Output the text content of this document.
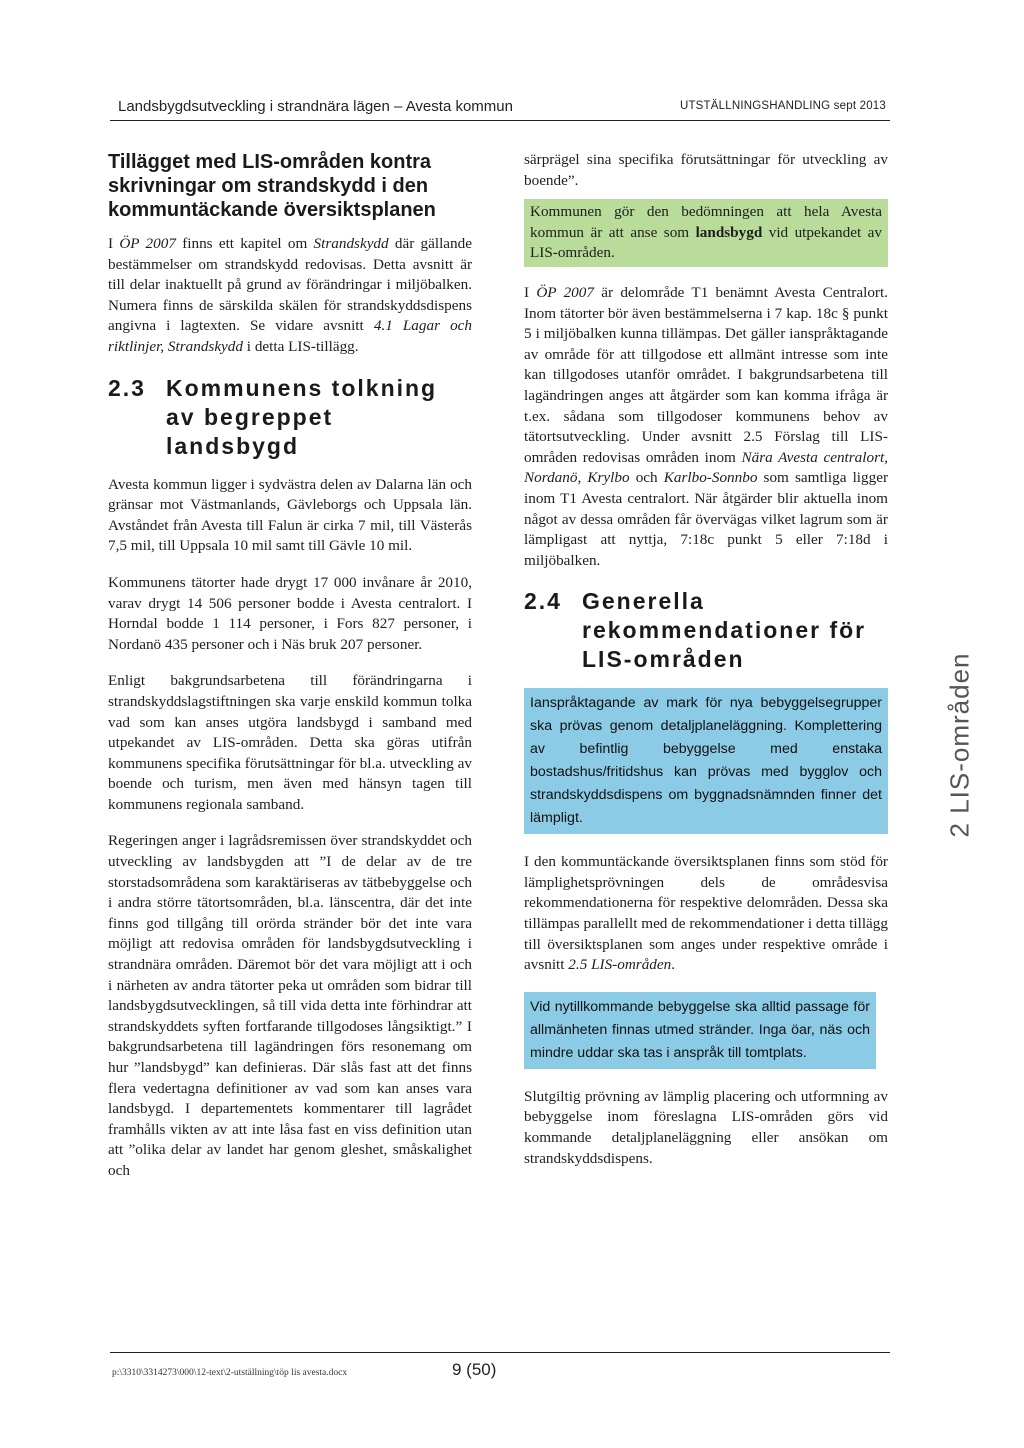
Landsbygdsutveckling i strandnära lägen – Avesta kommun	UTSTÄLLNINGSHANDLING sept 2013
Tillägget med LIS-områden kontra skrivningar om strandskydd i den kommuntäckande översiktsplanen

I ÖP 2007 finns ett kapitel om Strandskydd där gällande bestämmelser om strandskydd redovisas. Detta avsnitt är till delar inaktuellt på grund av förändringar i miljöbalken. Numera finns de särskilda skälen för strandskyddsdispens angivna i lagtexten. Se vidare avsnitt 4.1 Lagar och riktlinjer, Strandskydd i detta LIS-tillägg.

2.3 Kommunens tolkning av begreppet landsbygd

Avesta kommun ligger i sydvästra delen av Dalarna län och gränsar mot Västmanlands, Gävleborgs och Uppsala län. Avståndet från Avesta till Falun är cirka 7 mil, till Västerås 7,5 mil, till Uppsala 10 mil samt till Gävle 10 mil.

Kommunens tätorter hade drygt 17 000 invånare år 2010, varav drygt 14 506 personer bodde i Avesta centralort. I Horndal bodde 1 114 personer, i Fors 827 personer, i Nordanö 435 personer och i Näs bruk 207 personer.

Enligt bakgrundsarbetena till förändringarna i strandskyddslagstiftningen ska varje enskild kommun tolka vad som kan anses utgöra landsbygd i samband med utpekandet av LIS-områden. Detta ska göras utifrån kommunens specifika förutsättningar för bl.a. utveckling av boende och turism, men även med hänsyn tagen till kommunens regionala samband.

Regeringen anger i lagrådsremissen över strandskyddet och utveckling av landsbygden att ”I de delar av de tre storstadsområdena som karaktäriseras av tätbebyggelse och i andra större tätortsområden, bl.a. länscentra, där det inte finns god tillgång till orörda stränder bör det inte vara möjligt att redovisa områden för landsbygdsutveckling i strandnära områden. Däremot bör det vara möjligt att i och i närheten av andra tätorter peka ut områden som bidrar till landsbygdsutvecklingen, så till vida detta inte förhindrar att strandskyddets syften fortfarande tillgodoses långsiktigt.” I bakgrundsarbetena till lagändringen förs resonemang om hur ”landsbygd” kan definieras. Där slås fast att det finns flera vedertagna definitioner av vad som kan anses vara landsbygd. I departementets kommentarer till lagrådet framhålls vikten av att inte låsa fast en viss definition utan att ”olika delar av landet har genom gleshet, småskalighet och

särprägel sina specifika förutsättningar för utveckling av boende”.

Kommunen gör den bedömningen att hela Avesta kommun är att anse som landsbygd vid utpekandet av LIS-områden.

I ÖP 2007 är delområde T1 benämnt Avesta Centralort. Inom tätorter bör även bestämmelserna i 7 kap. 18c § punkt 5 i miljöbalken kunna tillämpas. Det gäller ianspråktagande av område för att tillgodose ett allmänt intresse som inte kan tillgodoses utanför området. I bakgrundsarbetena till lagändringen anges att åtgärder som kan komma ifråga är t.ex. sådana som tillgodoser kommunens behov av tätortsutveckling. Under avsnitt 2.5 Förslag till LIS-områden redovisas områden inom Nära Avesta centralort, Nordanö, Krylbo och Karlbo-Sonnbo som samtliga ligger inom T1 Avesta centralort. När åtgärder blir aktuella inom något av dessa områden får övervägas vilket lagrum som är lämpligast att nyttja, 7:18c punkt 5 eller 7:18d i miljöbalken.

2.4 Generella rekommendationer för LIS-områden
Ianspråktagande av mark för nya bebyggelsegrupper ska prövas genom detaljplaneläggning. Komplettering av befintlig bebyggelse med enstaka bostadshus/fritidshus kan prövas med bygglov och strandskyddsdispens om byggnadsnämnden finner det lämpligt.

I den kommuntäckande översiktsplanen finns som stöd för lämplighetsprövningen dels de områdesvisa rekommendationerna för respektive delområden. Dessa ska tillämpas parallellt med de rekommendationer i detta tillägg till översiktsplanen som anges under respektive område i avsnitt 2.5 LIS-områden.

Vid nytillkommande bebyggelse ska alltid passage för allmänheten finnas utmed stränder. Inga öar, näs och mindre uddar ska tas i anspråk till tomtplats.

Slutgiltig prövning av lämplig placering och utformning av bebyggelse inom föreslagna LIS-områden görs vid kommande detaljplaneläggning eller ansökan om strandskyddsdispens.

2 LIS-områden
p:\3310\3314273\000\12-text\2-utställning\töp lis avesta.docx	9 (50)
